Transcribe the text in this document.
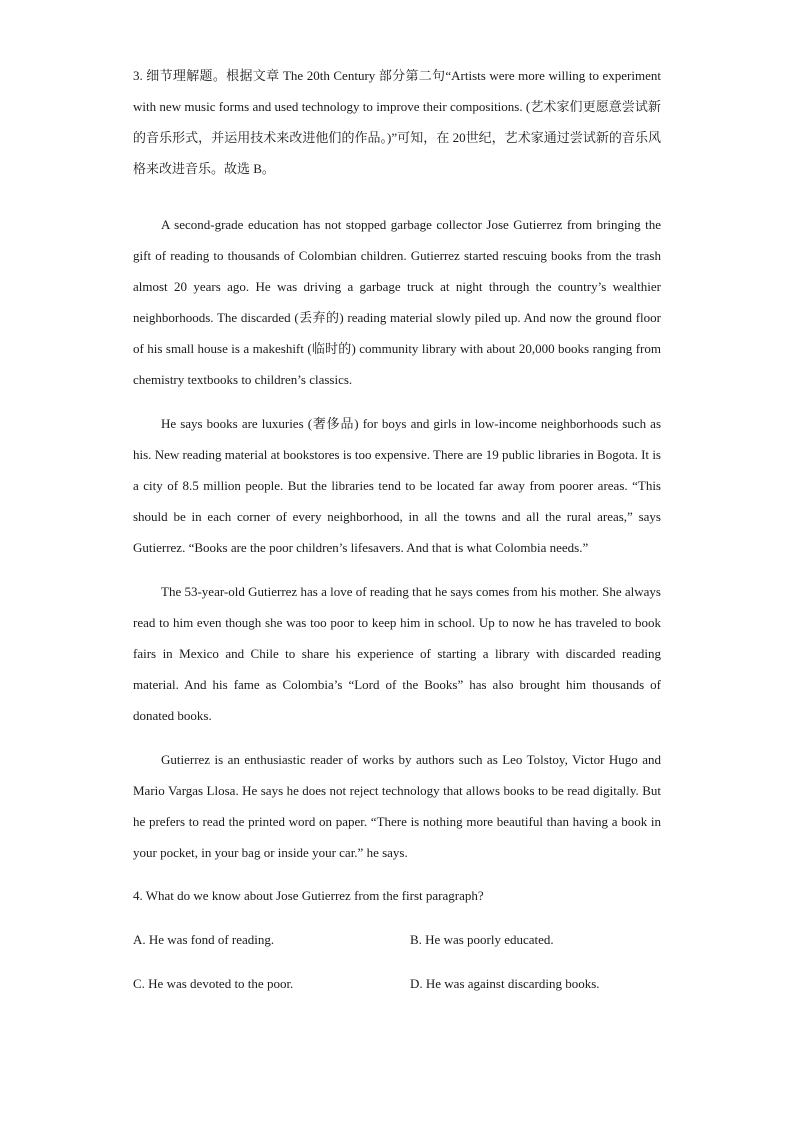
3. 细节理解题。根据文章 The 20th Century 部分第二句“Artists were more willing to experiment with new music forms and used technology to improve their compositions. (艺术家们更愿意尝试新的音乐形式，并运用技术来改进他们的作品。)”可知，在 20世纪，艺术家通过尝试新的音乐风格来改进音乐。故选 B。

A second-grade education has not stopped garbage collector Jose Gutierrez from bringing the gift of reading to thousands of Colombian children. Gutierrez started rescuing books from the trash almost 20 years ago. He was driving a garbage truck at night through the country’s wealthier neighborhoods. The discarded (丢弃的) reading material slowly piled up. And now the ground floor of his small house is a makeshift (临时的) community library with about 20,000 books ranging from chemistry textbooks to children’s classics.

He says books are luxuries (奢侈品) for boys and girls in low-income neighborhoods such as his. New reading material at bookstores is too expensive. There are 19 public libraries in Bogota. It is a city of 8.5 million people. But the libraries tend to be located far away from poorer areas. “This should be in each corner of every neighborhood, in all the towns and all the rural areas,” says Gutierrez. “Books are the poor children’s lifesavers. And that is what Colombia needs.”

The 53-year-old Gutierrez has a love of reading that he says comes from his mother. She always read to him even though she was too poor to keep him in school. Up to now he has traveled to book fairs in Mexico and Chile to share his experience of starting a library with discarded reading material. And his fame as Colombia’s “Lord of the Books” has also brought him thousands of donated books.

Gutierrez is an enthusiastic reader of works by authors such as Leo Tolstoy, Victor Hugo and Mario Vargas Llosa. He says he does not reject technology that allows books to be read digitally. But he prefers to read the printed word on paper. “There is nothing more beautiful than having a book in your pocket, in your bag or inside your car.” he says.

4. What do we know about Jose Gutierrez from the first paragraph?

A. He was fond of reading.	B. He was poorly educated.
C. He was devoted to the poor.	D. He was against discarding books.
